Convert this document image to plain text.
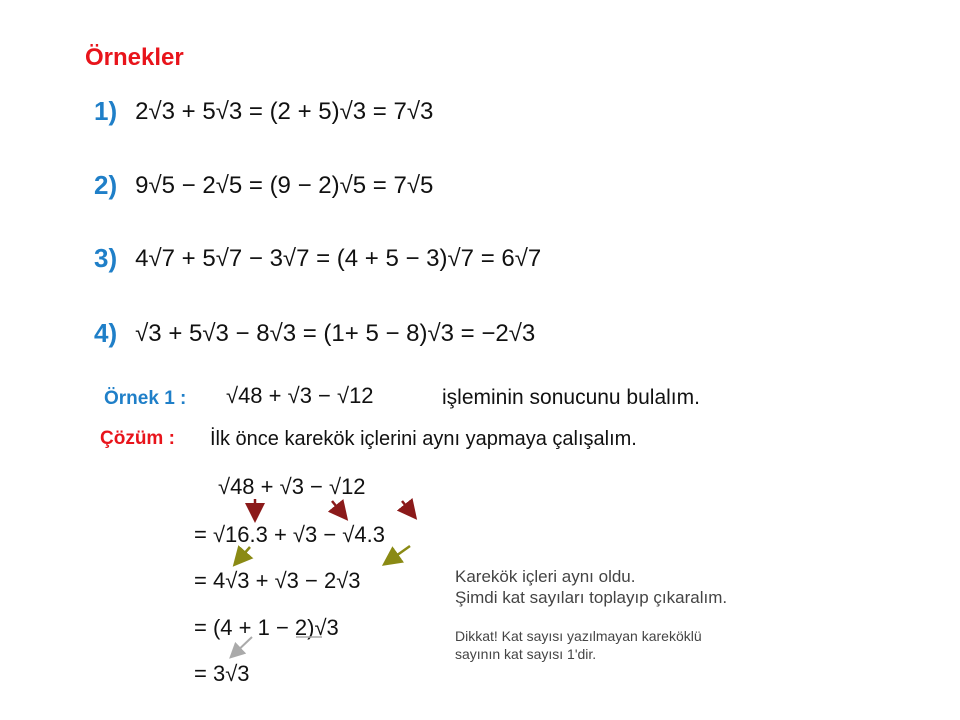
Örnekler
1) 2√3 + 5√3 = (2 + 5)√3 = 7√3
2) 9√5 − 2√5 = (9 − 2)√5 = 7√5
3) 4√7 + 5√7 − 3√7 = (4 + 5 − 3)√7 = 6√7
4) √3 + 5√3 − 8√3 = (1+ 5 − 8)√3 = −2√3
Örnek 1 : √48 + √3 − √12	işleminin sonucunu bulalım.
Çözüm : İlk önce karekök içlerini aynı yapmaya çalışalım.
√48 + √3 − √12
= √16.3 + √3 − √4.3
= 4√3 + √3 − 2√3
= (4 + 1 − 2)√3
= 3√3
Karekök içleri aynı oldu.
Şimdi kat sayıları toplayıp çıkaralım.
Dikkat! Kat sayısı yazılmayan kareköklü
sayının kat sayısı 1'dir.
